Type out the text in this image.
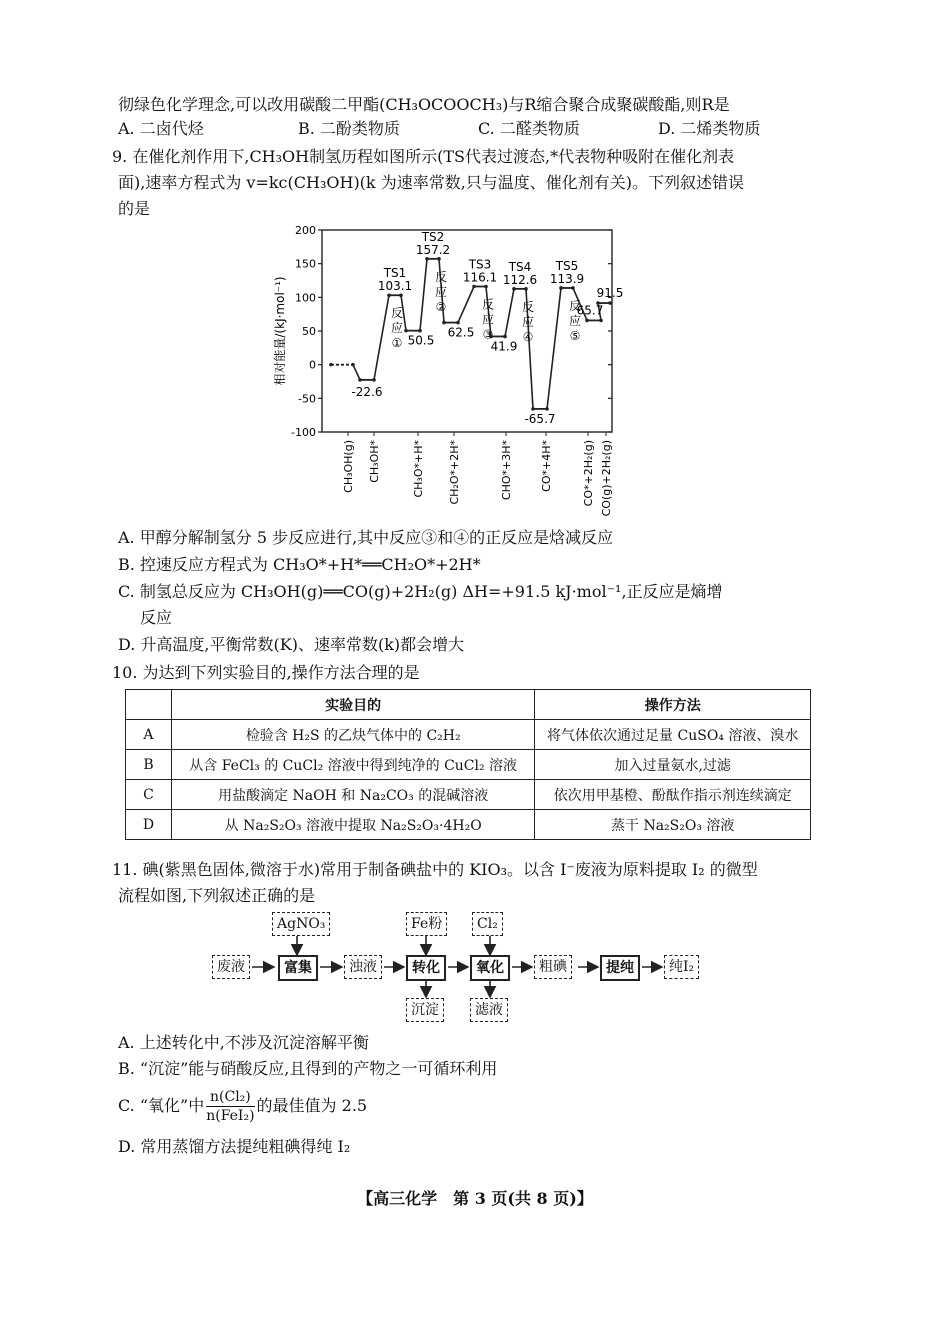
彻绿色化学理念,可以改用碳酸二甲酯(CH₃OCOOCH₃)与R缩合聚合成聚碳酸酯,则R是
A. 二卤代烃	B. 二酚类物质	C. 二醛类物质	D. 二烯类物质
9. 在催化剂作用下,CH₃OH制氢历程如图所示(TS代表过渡态,*代表物种吸附在催化剂表
面),速率方程式为 v=kc(CH₃OH)(k 为速率常数,只与温度、催化剂有关)。下列叙述错误
的是
200
150
100
50
0
-50
-100
相对能量/(kJ·mol⁻¹)
TS1
103.1
反
应
①
TS2
157.2
反
应
②
TS3
116.1
反
应
③
TS4
112.6
反
应
④
TS5
113.9
反
应
⑤
-22.6
50.5
62.5
41.9
-65.7
65.7
91.5
CH₃OH(g) CH₃OH*	CH₃O*+H* CH₂O*+2H*	CHO*+3H* CO*+4H*	CO*+2H₂(g) CO(g)+2H₂(g)
A. 甲醇分解制氢分 5 步反应进行,其中反应③和④的正反应是焓减反应
B. 控速反应方程式为 CH₃O*+H*══CH₂O*+2H*
C. 制氢总反应为 CH₃OH(g)══CO(g)+2H₂(g) ΔH=+91.5 kJ·mol⁻¹,正反应是熵增
反应
D. 升高温度,平衡常数(K)、速率常数(k)都会增大
10. 为达到下列实验目的,操作方法合理的是
	实验目的	操作方法
A	检验含 H₂S 的乙炔气体中的 C₂H₂	将气体依次通过足量 CuSO₄ 溶液、溴水
B	从含 FeCl₃ 的 CuCl₂ 溶液中得到纯净的 CuCl₂ 溶液	加入过量氨水,过滤
C	用盐酸滴定 NaOH 和 Na₂CO₃ 的混碱溶液	依次用甲基橙、酚酞作指示剂连续滴定
D	从 Na₂S₂O₃ 溶液中提取 Na₂S₂O₃·4H₂O	蒸干 Na₂S₂O₃ 溶液
11. 碘(紫黑色固体,微溶于水)常用于制备碘盐中的 KIO₃。以含 I⁻废液为原料提取 I₂ 的微型
流程如图,下列叙述正确的是
AgNO₃	Fe粉	Cl₂
废液	富集	浊液	转化	氧化	粗碘	提纯	纯I₂
沉淀	滤液
A. 上述转化中,不涉及沉淀溶解平衡
B. “沉淀”能与硝酸反应,且得到的产物之一可循环利用
C. “氧化”中 $\frac{\text{n(Cl₂)}}{\text{n(FeI₂)}}$ 的最佳值为 2.5
D. 常用蒸馏方法提纯粗碘得纯 I₂
【高三化学　第 3 页(共 8 页)】
